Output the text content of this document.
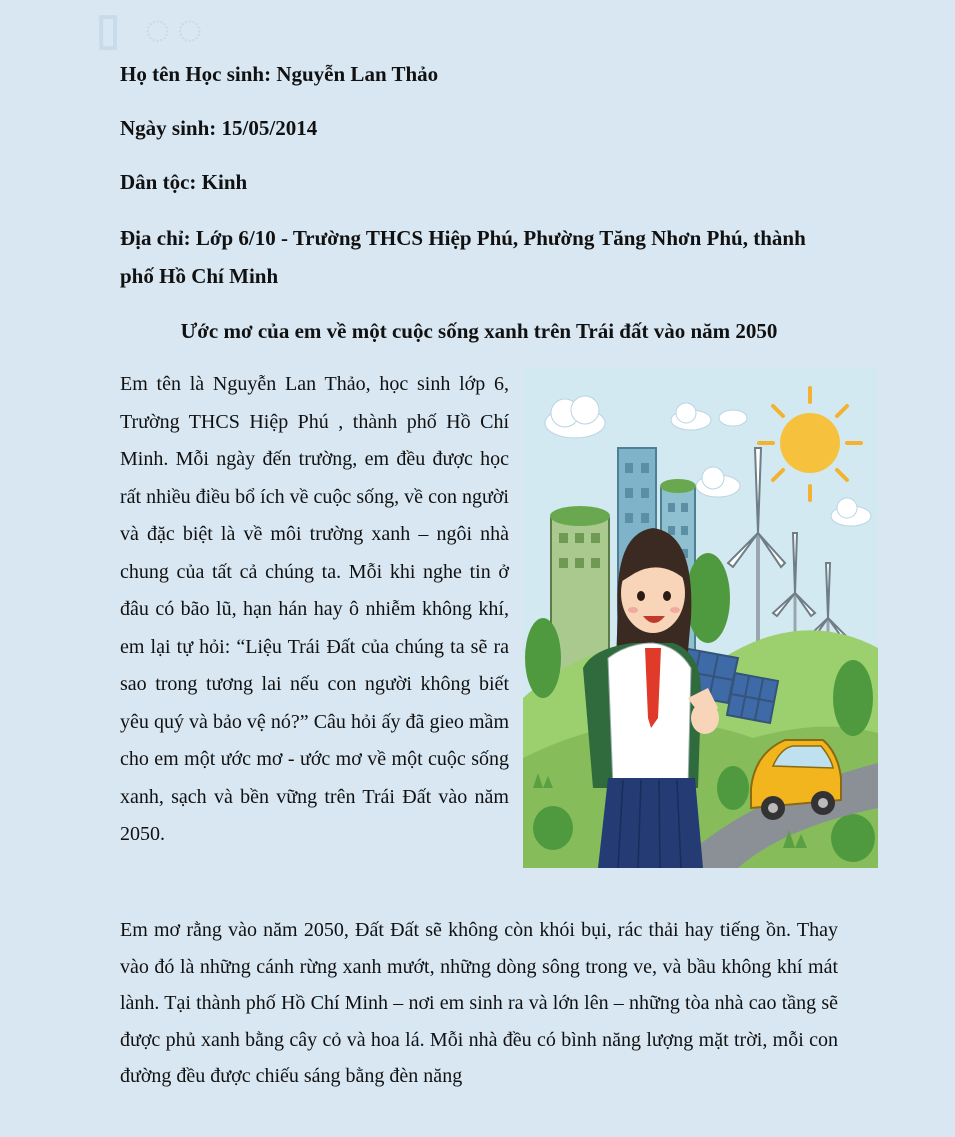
▯ ◌◌
Họ tên Học sinh: Nguyễn Lan Thảo
Ngày sinh: 15/05/2014
Dân tộc: Kinh
Địa chỉ: Lớp 6/10 - Trường THCS Hiệp Phú, Phường Tăng Nhơn Phú, thành phố Hồ Chí Minh
Ước mơ của em về một cuộc sống xanh trên Trái đất vào năm 2050
Em tên là Nguyễn Lan Thảo, học sinh lớp 6, Trường THCS Hiệp Phú , thành phố Hồ Chí Minh. Mỗi ngày đến trường, em đều được học rất nhiều điều bổ ích về cuộc sống, về con người và đặc biệt là về môi trường xanh – ngôi nhà chung của tất cả chúng ta. Mỗi khi nghe tin ở đâu có bão lũ, hạn hán hay ô nhiễm không khí, em lại tự hỏi: “Liệu Trái Đất của chúng ta sẽ ra sao trong tương lai nếu con người không biết yêu quý và bảo vệ nó?” Câu hỏi ấy đã gieo mầm cho em một ước mơ - ước mơ về một cuộc sống xanh, sạch và bền vững trên Trái Đất vào năm 2050.
Em mơ rằng vào năm 2050, Đất Đất sẽ không còn khói bụi, rác thải hay tiếng ồn. Thay vào đó là những cánh rừng xanh mướt, những dòng sông trong ve, và bầu không khí mát lành. Tại thành phố Hồ Chí Minh – nơi em sinh ra và lớn lên – những tòa nhà cao tầng sẽ được phủ xanh bằng cây cỏ và hoa lá. Mỗi nhà đều có bình năng lượng mặt trời, mỗi con đường đều được chiếu sáng bằng đèn năng
